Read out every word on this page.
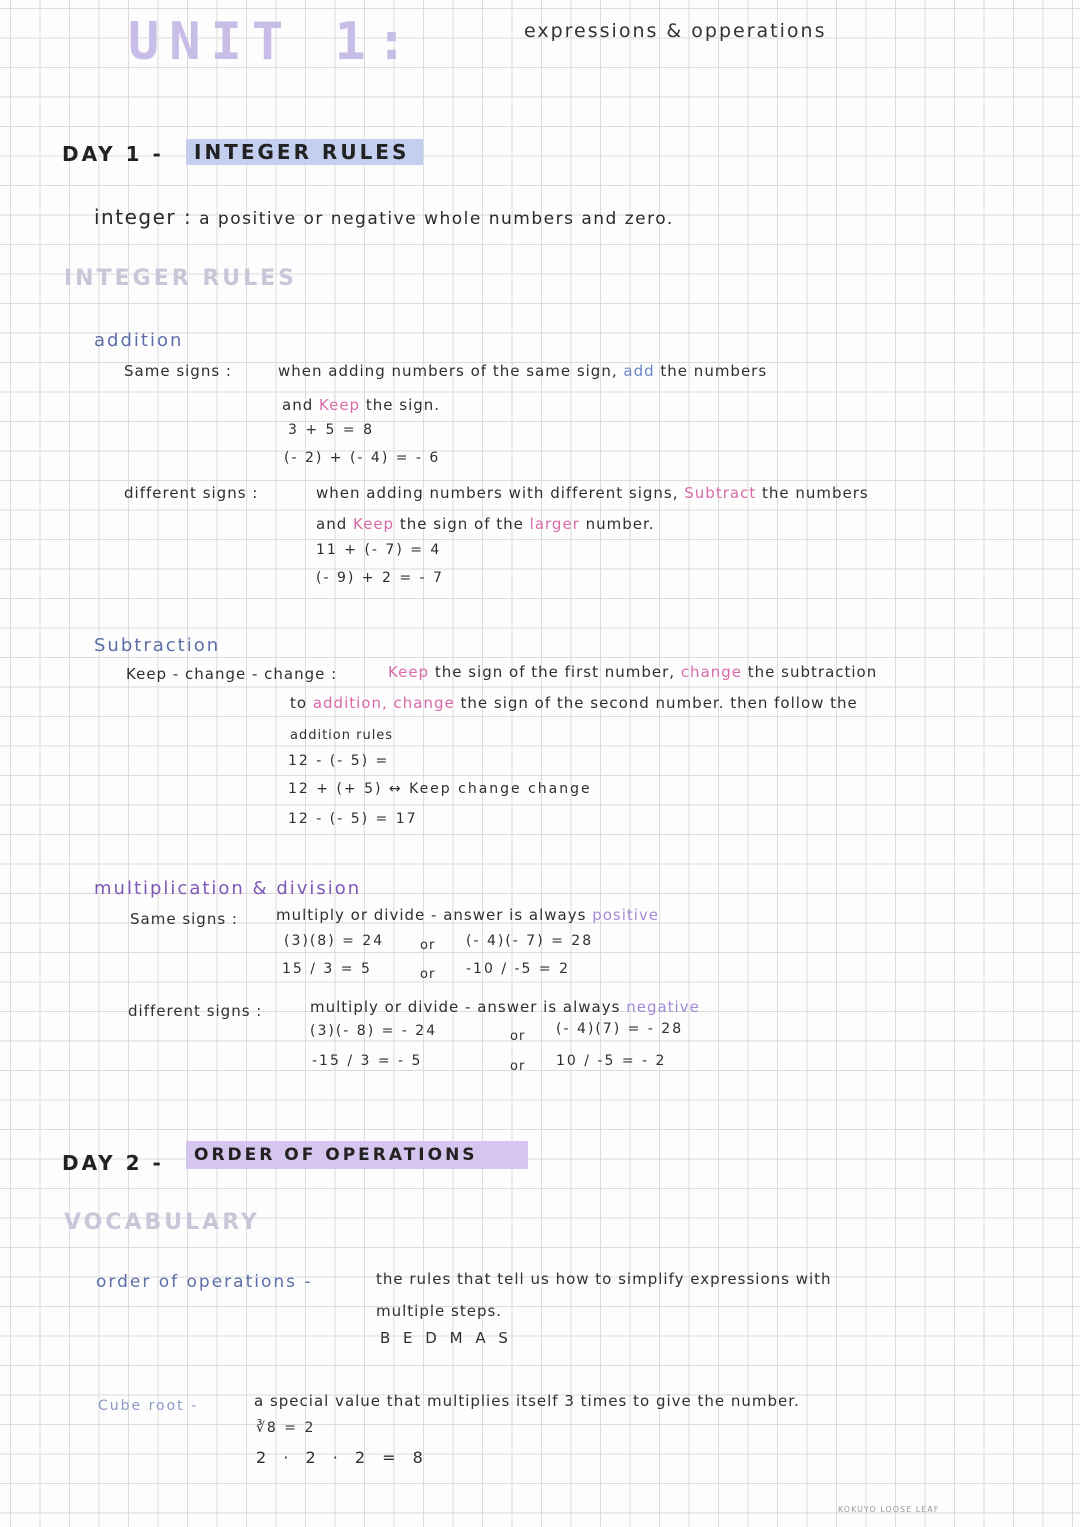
UNIT 1:	expressions & opperations
DAY 1 -	INTEGER RULES
integer : a positive or negative whole numbers and zero.
INTEGER RULES
addition
Same signs :	when adding numbers of the same sign, add the numbers
and Keep the sign.
3 + 5 = 8
(- 2) + (- 4) = - 6
different signs :	when adding numbers with different signs, Subtract the numbers
and Keep the sign of the larger number.
11 + (- 7) = 4
(- 9) + 2 = - 7
Subtraction
Keep - change - change :	Keep the sign of the first number, change the subtraction
to addition, change the sign of the second number. then follow the
addition rules
12 - (- 5) =
12 + (+ 5) ↔ Keep change change
12 - (- 5) = 17
multiplication & division
Same signs :	multiply or divide - answer is always positive
(3)(8) = 24	or (- 4)(- 7) = 28
15 / 3 = 5	or -10 / -5 = 2
different signs :	multiply or divide - answer is always negative
(3)(- 8) = - 24	or (- 4)(7) = - 28
-15 / 3 = - 5	or 10 / -5 = - 2
DAY 2 -	ORDER OF OPERATIONS
VOCABULARY
order of operations -	the rules that tell us how to simplify expressions with
multiple steps.
B E D M A S
Cube root -	a special value that multiplies itself 3 times to give the number.
∛8 = 2
2 · 2 · 2 = 8
KOKUYO LOOSE LEAF
